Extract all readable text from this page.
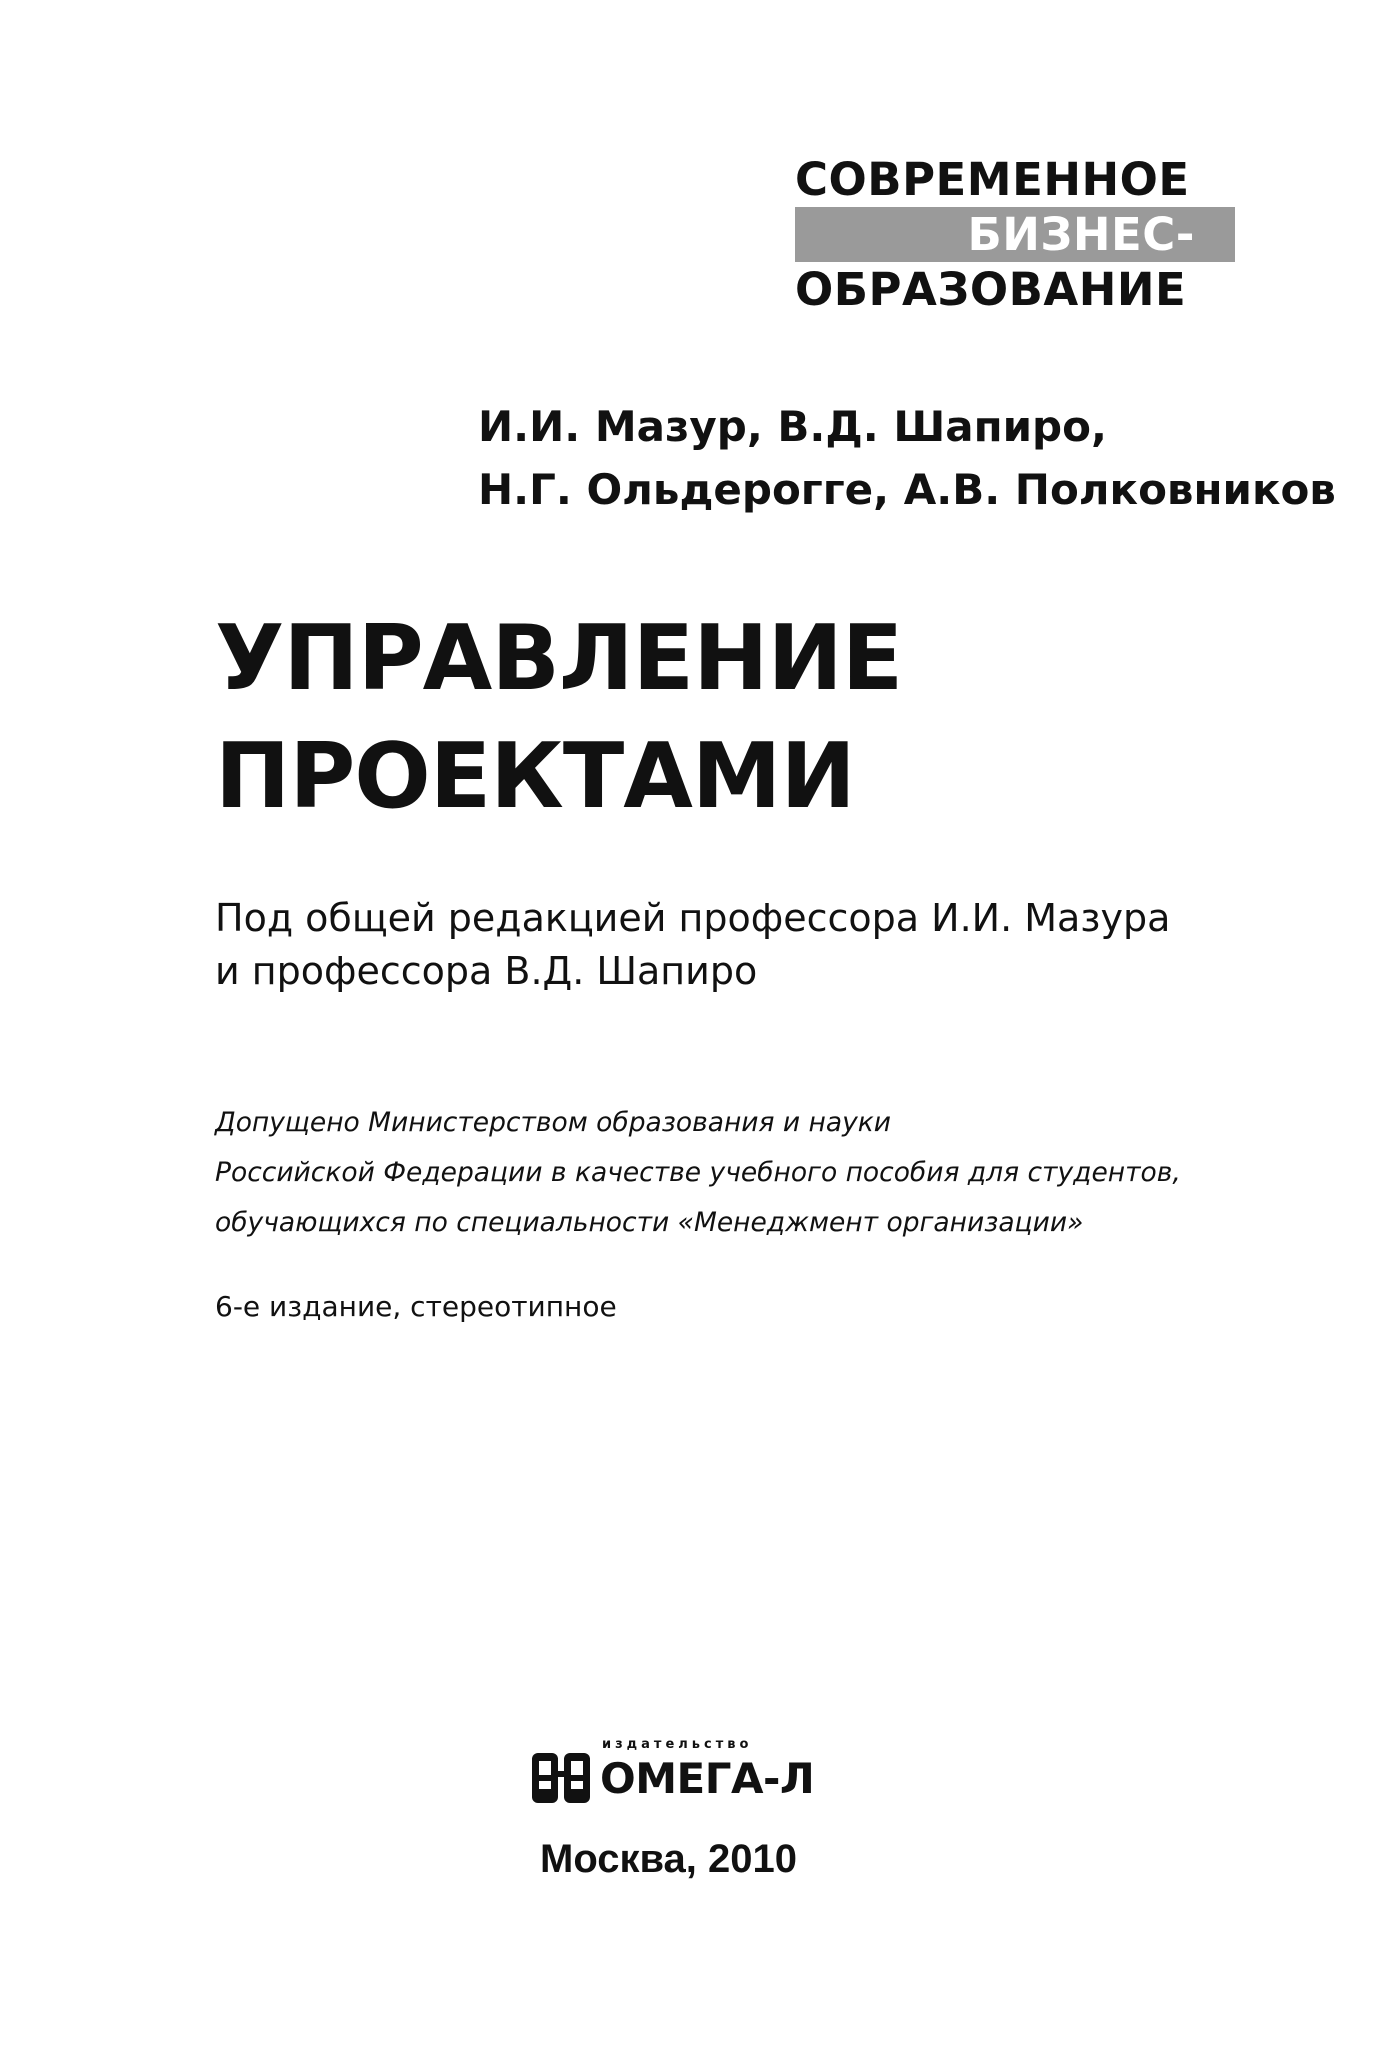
СОВРЕМЕННОЕ
БИЗНЕС-
ОБРАЗОВАНИЕ
И.И. Мазур, В.Д. Шапиро,
Н.Г. Ольдерогге, А.В. Полковников
УПРАВЛЕНИЕ
ПРОЕКТАМИ
Под общей редакцией профессора И.И. Мазура
и профессора В.Д. Шапиро
Допущено Министерством образования и науки
Российской Федерации в качестве учебного пособия для студентов,
обучающихся по специальности «Менеджмент организации»
6-е издание, стереотипное
издательство
ОМЕГА-Л
Москва, 2010
